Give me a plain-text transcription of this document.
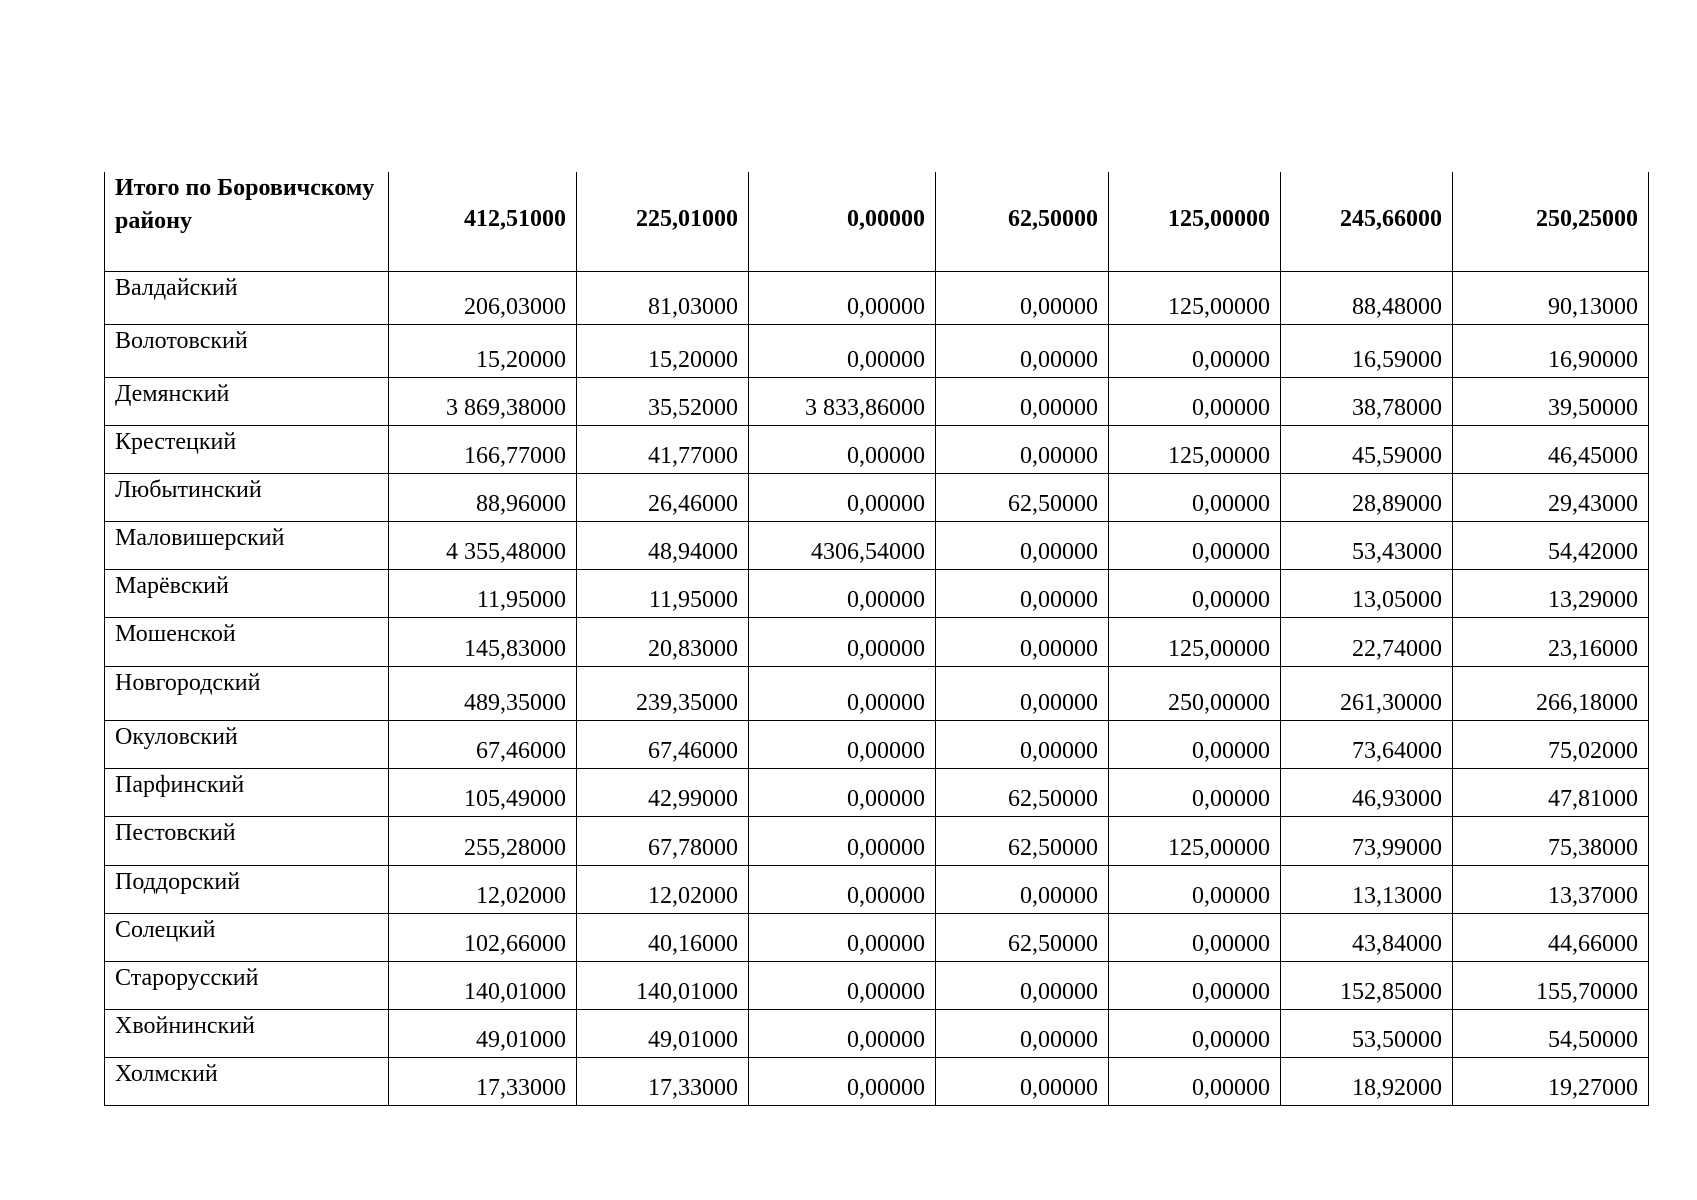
Итого по Боровичскому району	412,51000	225,01000	0,00000	62,50000	125,00000	245,66000	250,25000
Валдайский	206,03000	81,03000	0,00000	0,00000	125,00000	88,48000	90,13000
Волотовский	15,20000	15,20000	0,00000	0,00000	0,00000	16,59000	16,90000
Демянский	3 869,38000	35,52000	3 833,86000	0,00000	0,00000	38,78000	39,50000
Крестецкий	166,77000	41,77000	0,00000	0,00000	125,00000	45,59000	46,45000
Любытинский	88,96000	26,46000	0,00000	62,50000	0,00000	28,89000	29,43000
Маловишерский	4 355,48000	48,94000	4306,54000	0,00000	0,00000	53,43000	54,42000
Марёвский	11,95000	11,95000	0,00000	0,00000	0,00000	13,05000	13,29000
Мошенской	145,83000	20,83000	0,00000	0,00000	125,00000	22,74000	23,16000
Новгородский	489,35000	239,35000	0,00000	0,00000	250,00000	261,30000	266,18000
Окуловский	67,46000	67,46000	0,00000	0,00000	0,00000	73,64000	75,02000
Парфинский	105,49000	42,99000	0,00000	62,50000	0,00000	46,93000	47,81000
Пестовский	255,28000	67,78000	0,00000	62,50000	125,00000	73,99000	75,38000
Поддорский	12,02000	12,02000	0,00000	0,00000	0,00000	13,13000	13,37000
Солецкий	102,66000	40,16000	0,00000	62,50000	0,00000	43,84000	44,66000
Старорусский	140,01000	140,01000	0,00000	0,00000	0,00000	152,85000	155,70000
Хвойнинский	49,01000	49,01000	0,00000	0,00000	0,00000	53,50000	54,50000
Холмский	17,33000	17,33000	0,00000	0,00000	0,00000	18,92000	19,27000
